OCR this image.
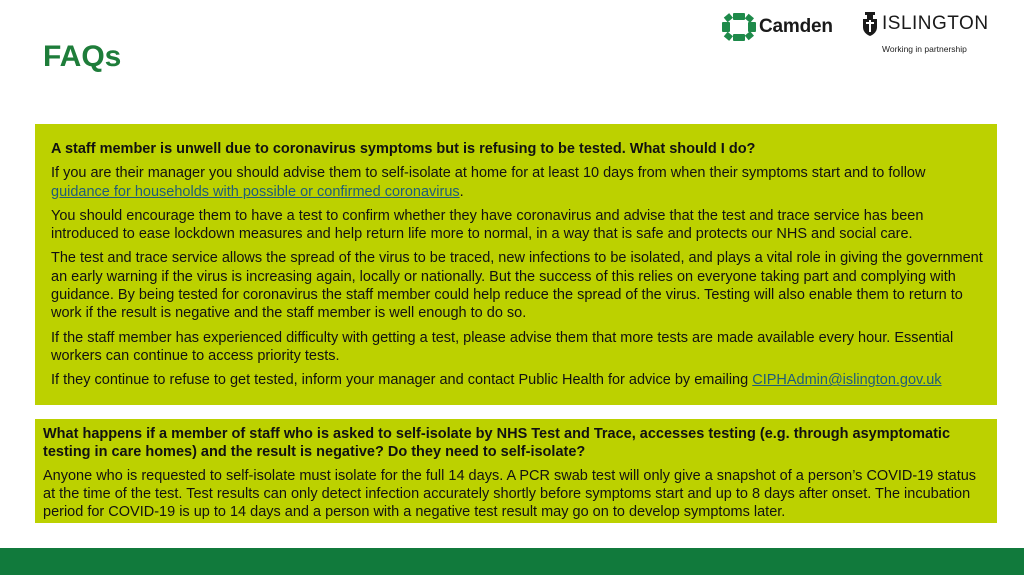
FAQs
Camden	ISLINGTON
Working in partnership

A staff member is unwell due to coronavirus symptoms but is refusing to be tested. What should I do?

If you are their manager you should advise them to self-isolate at home for at least 10 days from when their symptoms start and to follow guidance for households with possible or confirmed coronavirus.

You should encourage them to have a test to confirm whether they have coronavirus and advise that the test and trace service has been introduced to ease lockdown measures and help return life more to normal, in a way that is safe and protects our NHS and social care.

The test and trace service allows the spread of the virus to be traced, new infections to be isolated, and plays a vital role in giving the government an early warning if the virus is increasing again, locally or nationally. But the success of this relies on everyone taking part and complying with guidance. By being tested for coronavirus the staff member could help reduce the spread of the virus. Testing will also enable them to return to work if the result is negative and the staff member is well enough to do so.

If the staff member has experienced difficulty with getting a test, please advise them that more tests are made available every hour. Essential workers can continue to access priority tests.

If they continue to refuse to get tested, inform your manager and contact Public Health for advice by emailing CIPHAdmin@islington.gov.uk

What happens if a member of staff who is asked to self-isolate by NHS Test and Trace, accesses testing (e.g. through asymptomatic testing in care homes) and the result is negative? Do they need to self-isolate?

Anyone who is requested to self-isolate must isolate for the full 14 days. A PCR swab test will only give a snapshot of a person’s COVID-19 status at the time of the test. Test results can only detect infection accurately shortly before symptoms start and up to 8 days after onset. The incubation period for COVID-19 is up to 14 days and a person with a negative test result may go on to develop symptoms later.
